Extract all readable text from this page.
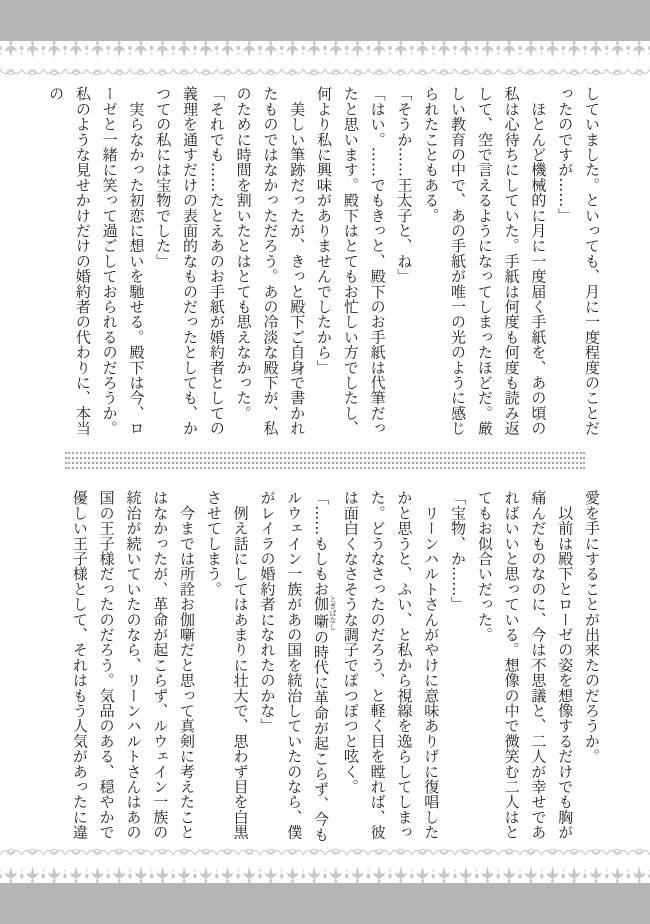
していました。といっても、月に一度程度のことだったのですが……」

　ほとんど機械的に月に一度届く手紙を、あの頃の私は心待ちにしていた。手紙は何度も何度も読み返して、空で言えるようになってしまったほどだ。厳しい教育の中で、あの手紙が唯一の光のように感じられたこともある。

「そうか……王太子と、ね」

「はい。……でもきっと、殿下のお手紙は代筆だったと思います。殿下はとてもお忙しい方でしたし、何より私に興味がありませんでしたから」

　美しい筆跡だったが、きっと殿下ご自身で書かれたものではなかっただろう。あの冷淡な殿下が、私のために時間を割いたとはとても思えなかった。

「それでも……たとえあのお手紙が婚約者としての義理を通すだけの表面的なものだったとしても、かつての私には宝物でした」

　実らなかった初恋に想いを馳せる。殿下は今、ローゼと一緒に笑って過ごしておられるのだろうか。私のような見せかけだけの婚約者の代わりに、本当の

愛を手にすることが出来たのだろうか。

　以前は殿下とローゼの姿を想像するだけでも胸が痛んだものなのに、今は不思議と、二人が幸せであればいいと思っている。想像の中で微笑む二人はとてもお似合いだった。

「宝物、か……」

　リーンハルトさんがやけに意味ありげに復唱したかと思うと、ふい、と私から視線を逸らしてしまった。どうなさったのだろう、と軽く目を瞠れば、彼は面白くなさそうな調子でぽつぽつと呟く。

「……もしもお伽噺 とぎばなしの時代に革命が起こらず、今もルウェイン一族があの国を統治していたのなら、僕がレイラの婚約者になれたのかな」

　例え話にしてはあまりに壮大で、思わず目を白黒させてしまう。

　今までは所詮お伽噺だと思って真剣に考えたことはなかったが、革命が起こらず、ルウェイン一族の統治が続いていたのなら、リーンハルトさんはあの国の王子様だったのだろう。気品のある、穏やかで優しい王子様として、それはもう人気があったに違
